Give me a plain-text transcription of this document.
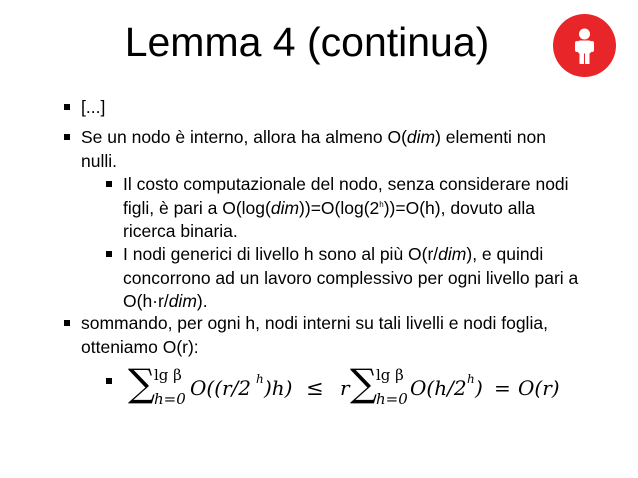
Lemma 4 (continua)
[...]
Se un nodo è interno, allora ha almeno O(dim) elementi non nulli.
Il costo computazionale del nodo, senza considerare nodi figli, è pari a $O(\log(dim))=O(\log(2^h))=O(h)$, dovuto alla ricerca binaria.
I nodi generici di livello h sono al più O(r/dim), e quindi concorrono ad un lavoro complessivo per ogni livello pari a O(h·r/dim).
sommando, per ogni h, nodi interni su tali livelli e nodi foglia, otteniamo O(r):
∑
lg β
h=0 O((r/2 h )h) ≤ r ∑
lg β
h=0 O(h/2 h ) = O(r)
